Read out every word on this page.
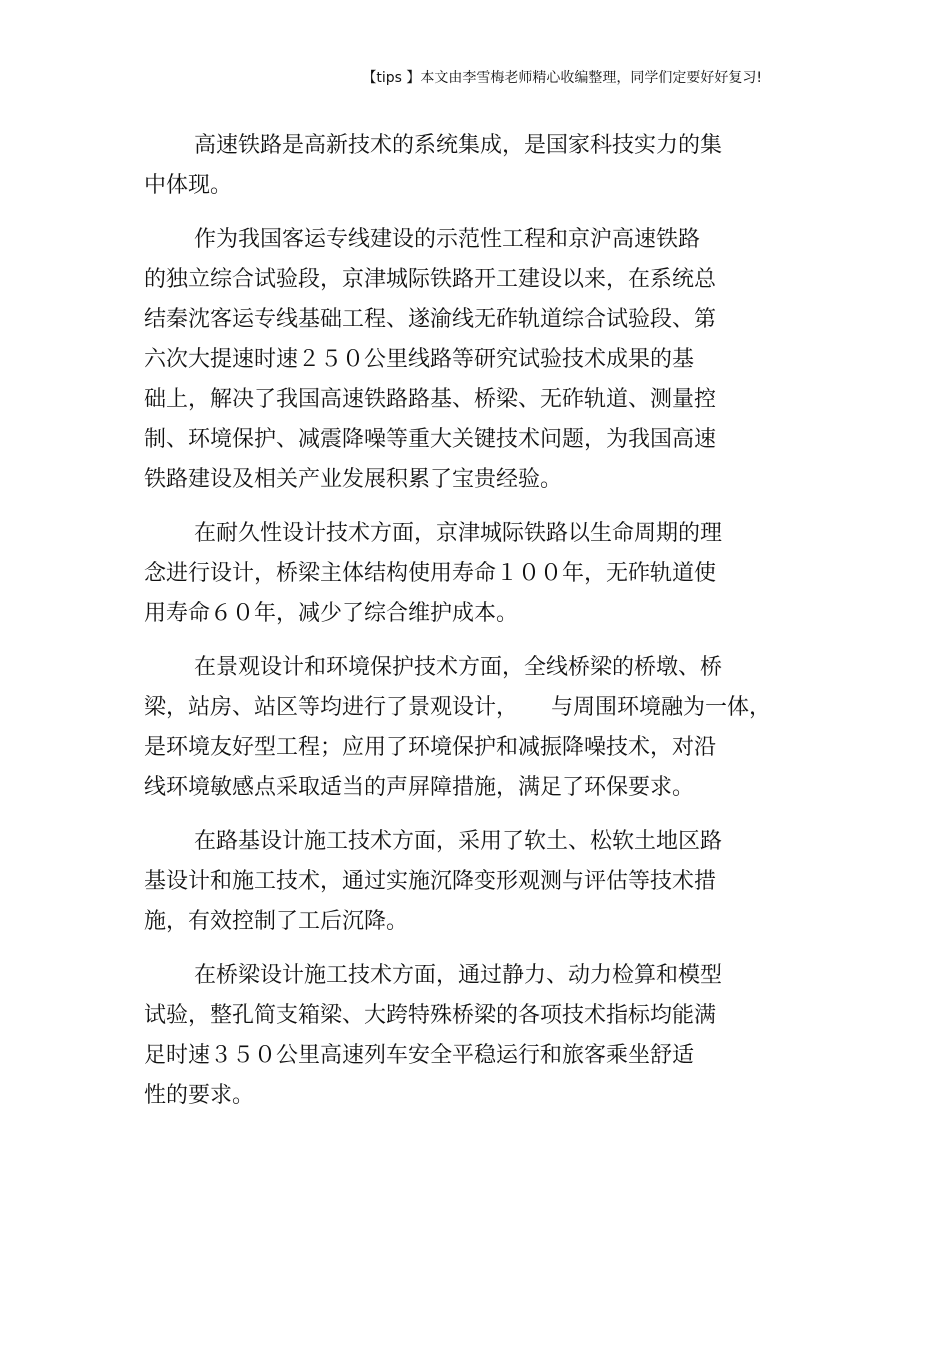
【tips 】本文由李雪梅老师精心收编整理，同学们定要好好复习!

高速铁路是高新技术的系统集成，是国家科技实力的集

中体现。

作为我国客运专线建设的示范性工程和京沪高速铁路

的独立综合试验段，京津城际铁路开工建设以来，在系统总

结秦沈客运专线基础工程、遂渝线无砟轨道综合试验段、第

六次大提速时速２５０公里线路等研究试验技术成果的基

础上，解决了我国高速铁路路基、桥梁、无砟轨道、测量控

制、环境保护、减震降噪等重大关键技术问题，为我国高速

铁路建设及相关产业发展积累了宝贵经验。

在耐久性设计技术方面，京津城际铁路以生命周期的理

念进行设计，桥梁主体结构使用寿命１００年，无砟轨道使

用寿命６０年，减少了综合维护成本。

在景观设计和环境保护技术方面，全线桥梁的桥墩、桥

梁，站房、站区等均进行了景观设计，　　与周围环境融为一体，

是环境友好型工程；应用了环境保护和减振降噪技术，对沿

线环境敏感点采取适当的声屏障措施，满足了环保要求。

在路基设计施工技术方面，采用了软土、松软土地区路

基设计和施工技术，通过实施沉降变形观测与评估等技术措

施，有效控制了工后沉降。

在桥梁设计施工技术方面，通过静力、动力检算和模型

试验，整孔简支箱梁、大跨特殊桥梁的各项技术指标均能满

足时速３５０公里高速列车安全平稳运行和旅客乘坐舒适

性的要求。
